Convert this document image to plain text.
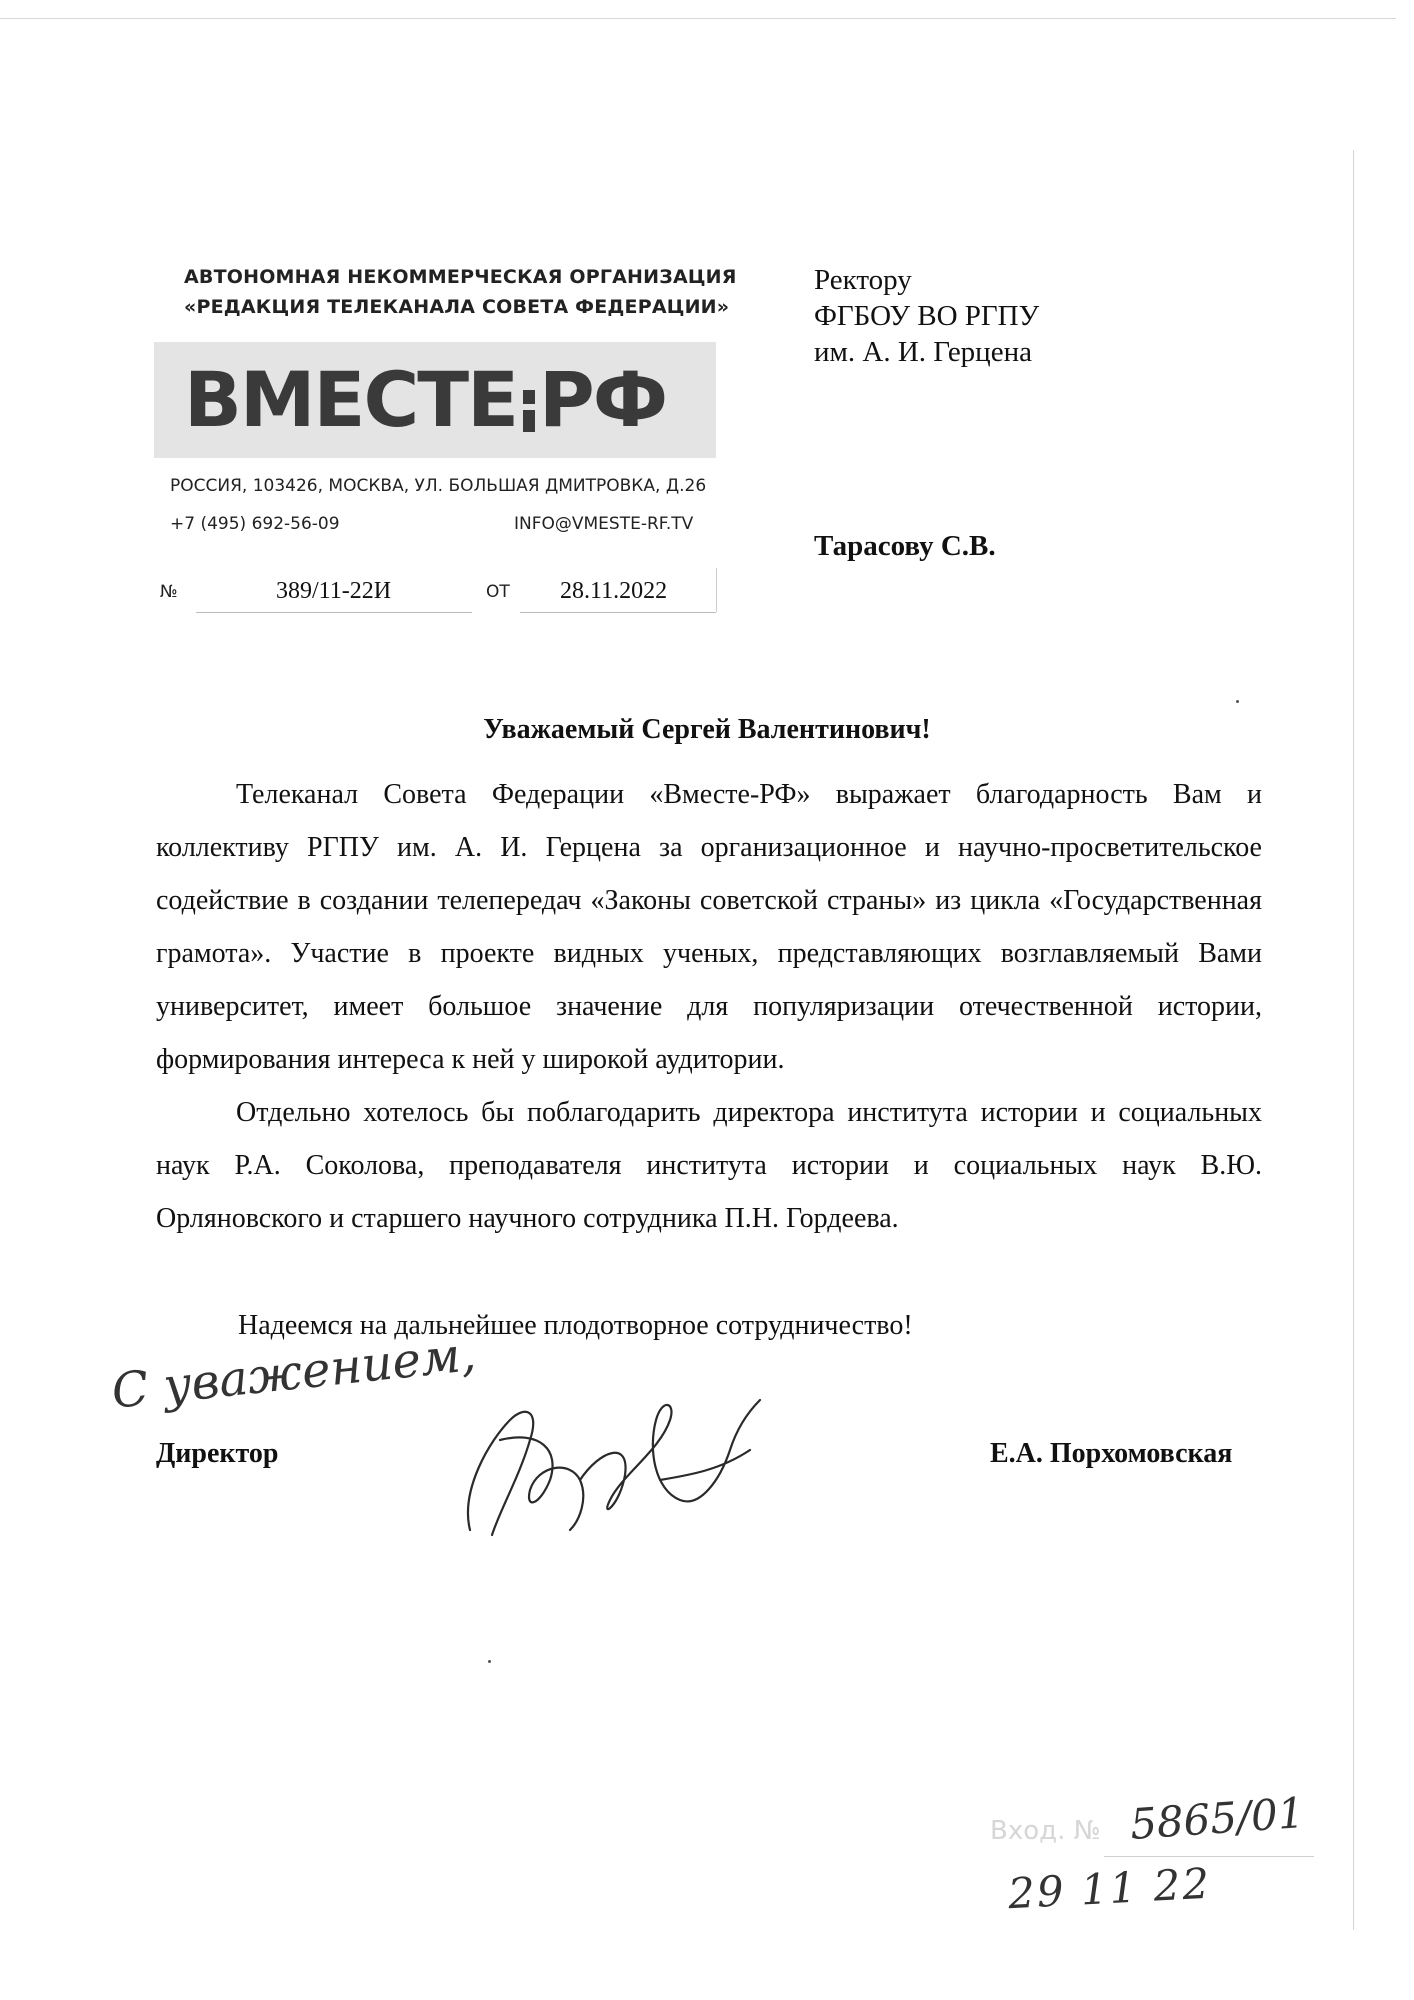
АВТОНОМНАЯ НЕКОММЕРЧЕСКАЯ ОРГАНИЗАЦИЯ
«РЕДАКЦИЯ ТЕЛЕКАНАЛА СОВЕТА ФЕДЕРАЦИИ»
ВМЕСТЕ РФ
РОССИЯ, 103426, МОСКВА, УЛ. БОЛЬШАЯ ДМИТРОВКА, Д.26
+7 (495) 692-56-09	INFO@VMESTE-RF.TV
№	389/11-22И	ОТ 28.11.2022
Ректору
ФГБОУ ВО РГПУ
им. А. И. Герцена
Тарасову С.В.
Уважаемый Сергей Валентинович!

Телеканал Совета Федерации «Вместе-РФ» выражает благодарность Вам и коллективу РГПУ им. А. И. Герцена за организационное и научно-просветительское содействие в создании телепередач «Законы советской страны» из цикла «Государственная грамота». Участие в проекте видных ученых, представляющих возглавляемый Вами университет, имеет большое значение для популяризации отечественной истории, формирования интереса к ней у широкой аудитории.

Отдельно хотелось бы поблагодарить директора института истории и социальных наук Р.А. Соколова, преподавателя института истории и социальных наук В.Ю. Орляновского и старшего научного сотрудника П.Н. Гордеева.

Надеемся на дальнейшее плодотворное сотрудничество!
С уважением,
Директор	Е.А. Порхомовская
Вход. № 5865/01
29 11 22
